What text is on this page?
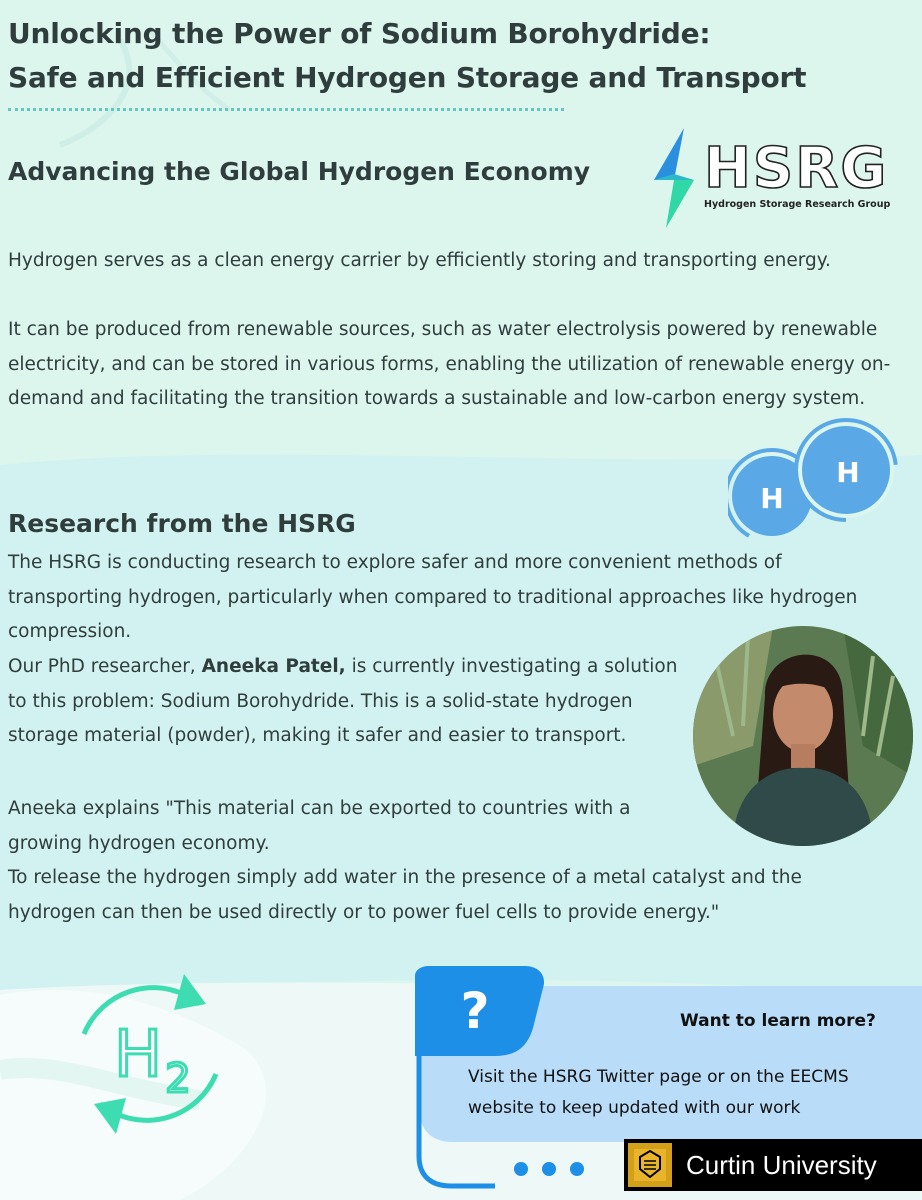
Unlocking the Power of Sodium Borohydride:
Safe and Efficient Hydrogen Storage and Transport
HSRG
Hydrogen Storage Research Group
Advancing the Global Hydrogen Economy

Hydrogen serves as a clean energy carrier by efficiently storing and transporting energy.

It can be produced from renewable sources, such as water electrolysis powered by renewable electricity, and can be stored in various forms, enabling the utilization of renewable energy on-demand and facilitating the transition towards a sustainable and low-carbon energy system.

H
H
Research from the HSRG

The HSRG is conducting research to explore safer and more convenient methods of transporting hydrogen, particularly when compared to traditional approaches like hydrogen compression.

Our PhD researcher, Aneeka Patel, is currently investigating a solution to this problem: Sodium Borohydride. This is a solid-state hydrogen storage material (powder), making it safer and easier to transport.

Aneeka explains "This material can be exported to countries with a growing hydrogen economy.

To release the hydrogen simply add water in the presence of a metal catalyst and the hydrogen can then be used directly or to power fuel cells to provide energy."

H 2
?	Want to learn more?
Visit the HSRG Twitter page or on the EECMS website to keep updated with our work
Curtin University
